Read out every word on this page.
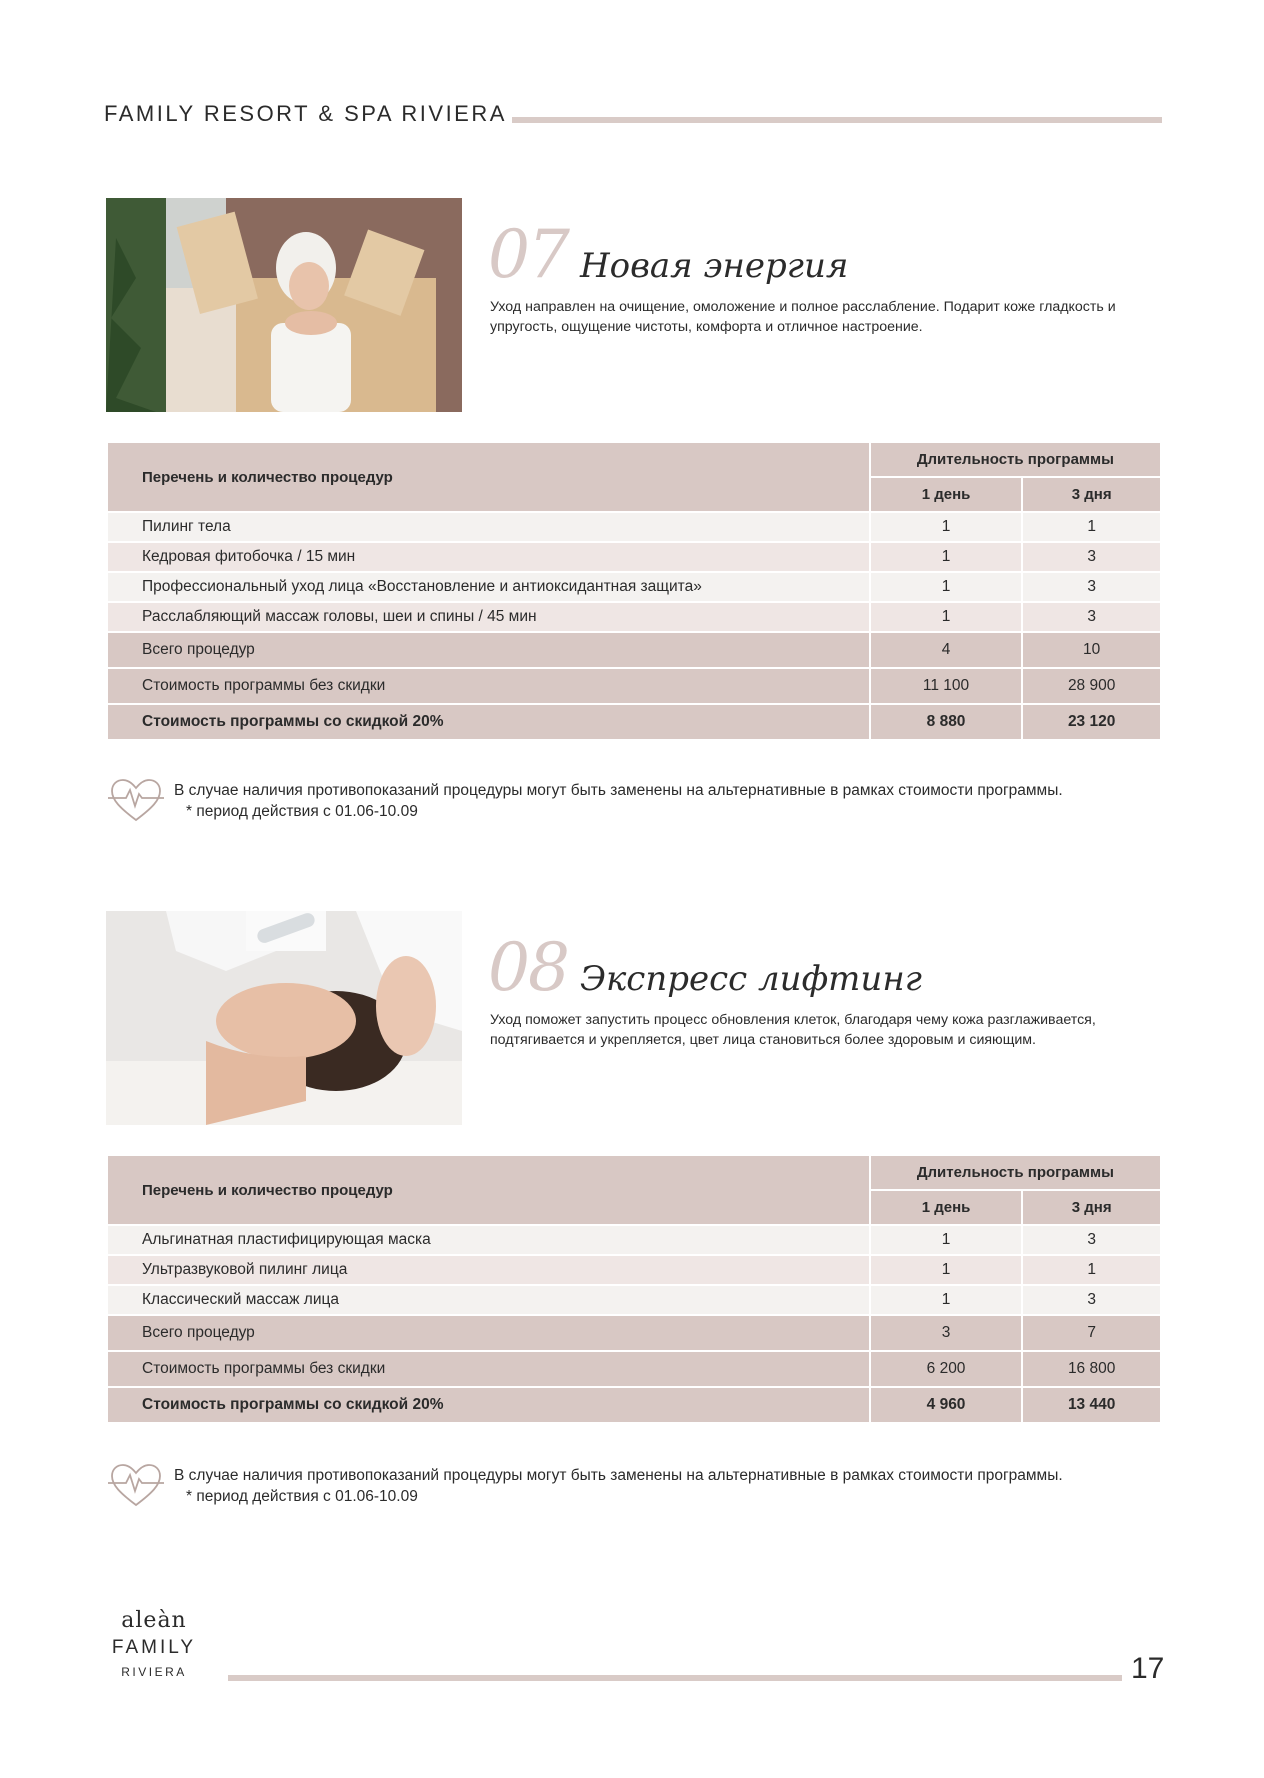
FAMILY RESORT & SPA RIVIERA
07 Новая энергия
Уход направлен на очищение, омоложение и полное расслабление. Подарит коже гладкость и упругость, ощущение чистоты, комфорта и отличное настроение.
Перечень и количество процедур	Длительность программы	
	1 день	3 дня
Пилинг тела	1	1
Кедровая фитобочка / 15 мин	1	3
Профессиональный уход лица «Восстановление и антиоксидантная защита»	1	3
Расслабляющий массаж головы, шеи и спины / 45 мин	1	3
Всего процедур	4	10
Стоимость программы без скидки	11 100	28 900
Стоимость программы со скидкой 20%	8 880	23 120
В случае наличия противопоказаний процедуры могут быть заменены на альтернативные в рамках стоимости программы.
* период действия с 01.06-10.09
08 Экспресс лифтинг
Уход поможет запустить процесс обновления клеток, благодаря чему кожа разглаживается, подтягивается и укрепляется, цвет лица становиться более здоровым и сияющим.
Перечень и количество процедур	Длительность программы	
	1 день	3 дня
Альгинатная пластифицирующая маска	1	3
Ультразвуковой пилинг лица	1	1
Классический массаж лица	1	3
Всего процедур	3	7
Стоимость программы без скидки	6 200	16 800
Стоимость программы со скидкой 20%	4 960	13 440
В случае наличия противопоказаний процедуры могут быть заменены на альтернативные в рамках стоимости программы.
* период действия с 01.06-10.09
aleàn
FAMILY
RIVIERA	17
